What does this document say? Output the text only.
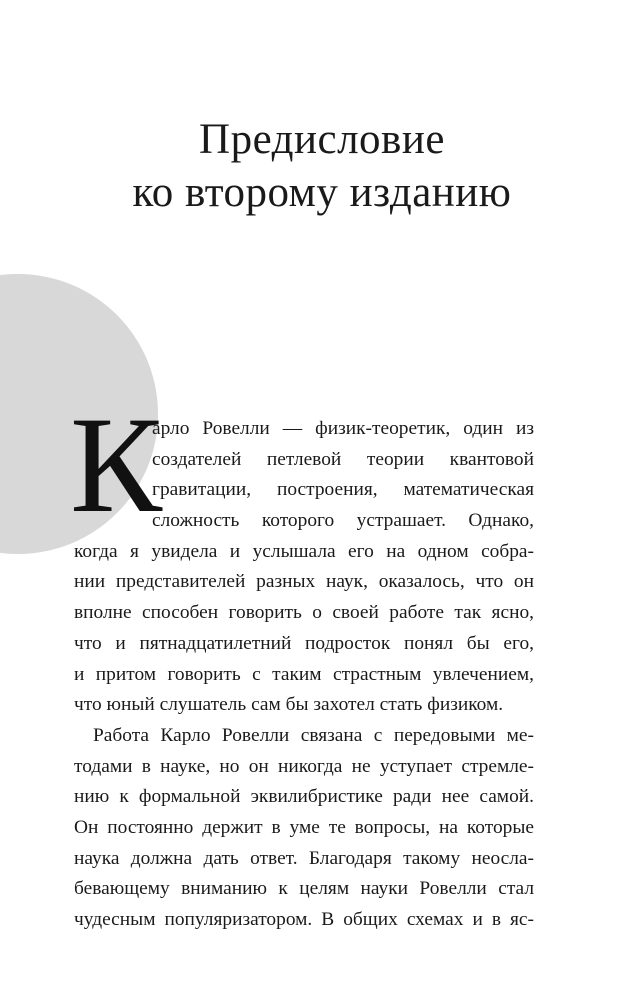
Предисловие
ко второму изданию
К
арло Ровелли — физик-теоретик, один из
создателей петлевой теории квантовой
гравитации, построения, математическая
сложность которого устрашает. Однако,
когда я увидела и услышала его на одном собра-
нии представителей разных наук, оказалось, что он
вполне способен говорить о своей работе так ясно,
что и пятнадцатилетний подросток понял бы его,
и притом говорить с таким страстным увлечением,
что юный слушатель сам бы захотел стать физиком.
Работа Карло Ровелли связана с передовыми ме-
тодами в науке, но он никогда не уступает стремле-
нию к формальной эквилибристике ради нее самой.
Он постоянно держит в уме те вопросы, на которые
наука должна дать ответ. Благодаря такому неосла-
бевающему вниманию к целям науки Ровелли стал
чудесным популяризатором. В общих схемах и в яс-
